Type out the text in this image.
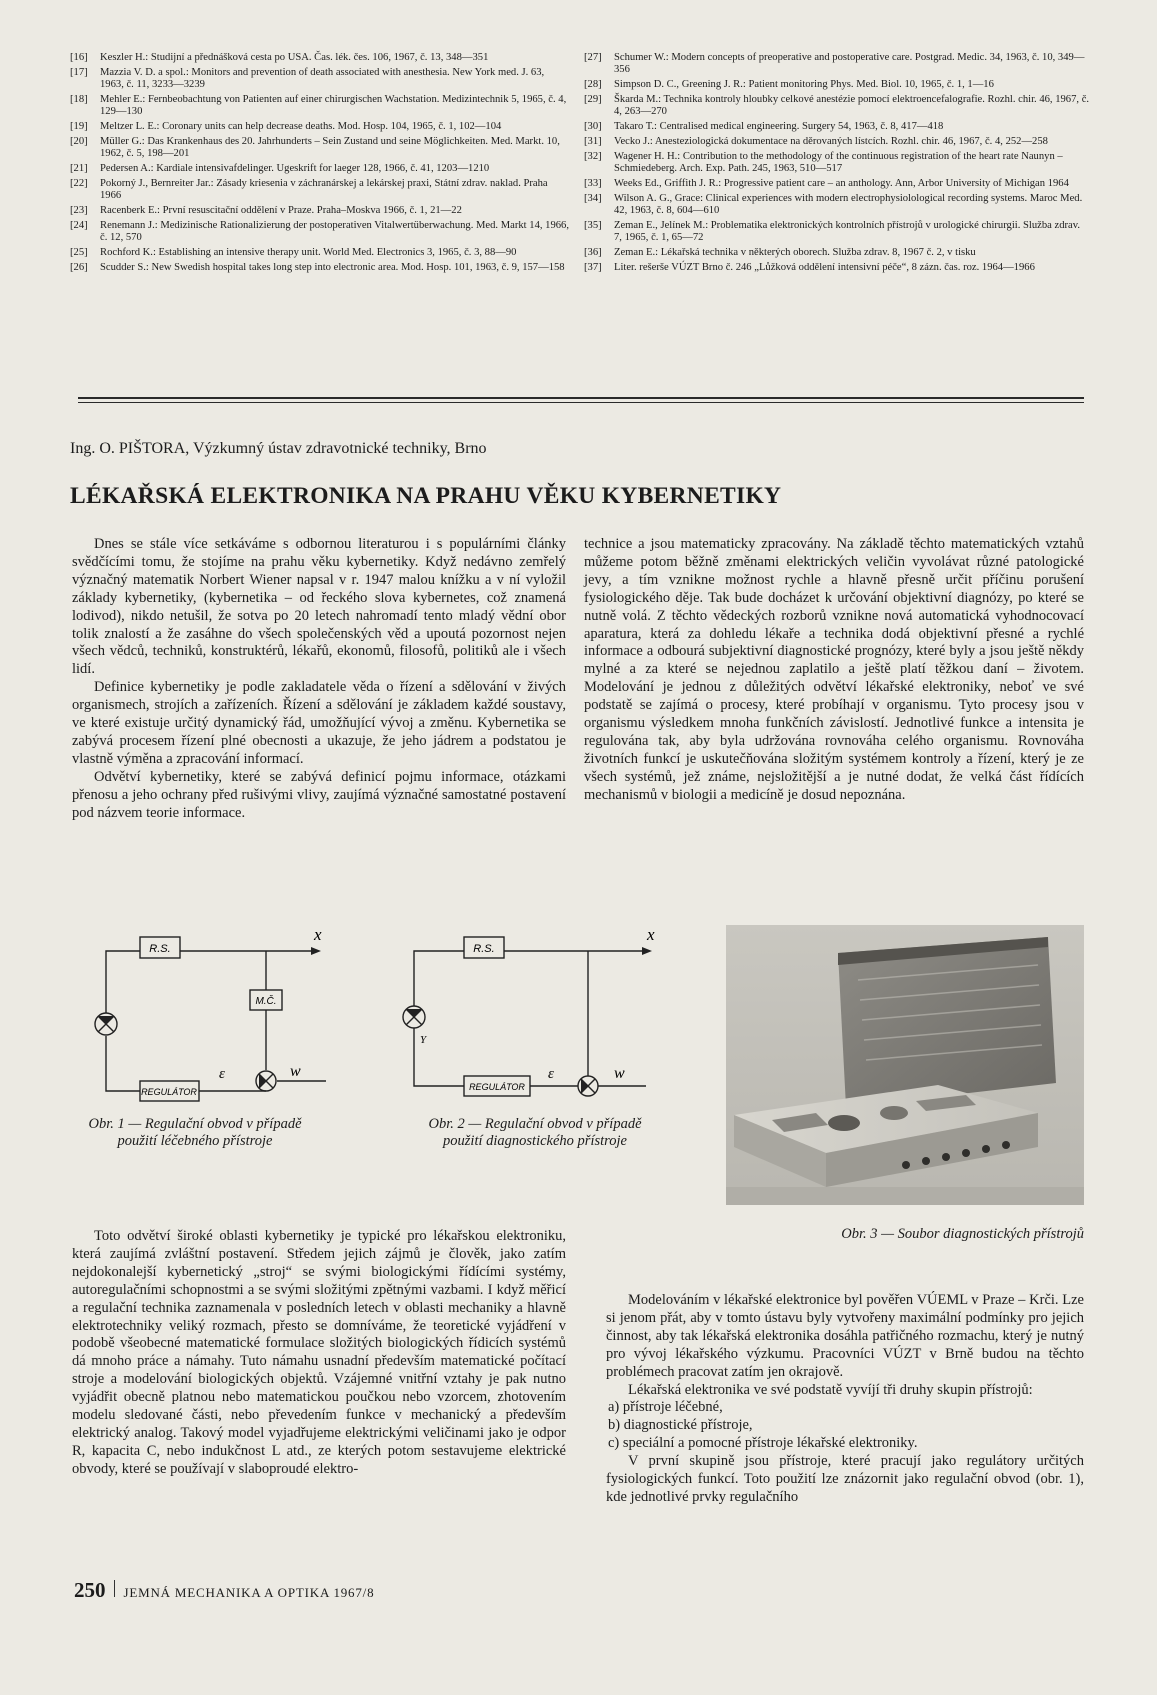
[16] Keszler H.: Studijní a přednášková cesta po USA. Čas. lék. čes. 106, 1967, č. 13, 348—351
[17] Mazzia V. D. a spol.: Monitors and prevention of death associated with anesthesia. New York med. J. 63, 1963, č. 11, 3233—3239
[18] Mehler E.: Fernbeobachtung von Patienten auf einer chirurgischen Wachstation. Medizintechnik 5, 1965, č. 4, 129—130
[19] Meltzer L. E.: Coronary units can help decrease deaths. Mod. Hosp. 104, 1965, č. 1, 102—104
[20] Müller G.: Das Krankenhaus des 20. Jahrhunderts – Sein Zustand und seine Möglichkeiten. Med. Markt. 10, 1962, č. 5, 198—201
[21] Pedersen A.: Kardiale intensivafdelinger. Ugeskrift for laeger 128, 1966, č. 41, 1203—1210
[22] Pokorný J., Bernreiter Jar.: Zásady kriesenia v záchranárskej a lekárskej praxi, Státní zdrav. naklad. Praha 1966
[23] Racenberk E.: První resuscitační oddělení v Praze. Praha–Moskva 1966, č. 1, 21—22
[24] Renemann J.: Medizinische Rationalizierung der postoperativen Vitalwertüberwachung. Med. Markt 14, 1966, č. 12, 570
[25] Rochford K.: Establishing an intensive therapy unit. World Med. Electronics 3, 1965, č. 3, 88—90
[26] Scudder S.: New Swedish hospital takes long step into electronic area. Mod. Hosp. 101, 1963, č. 9, 157—158
[27] Schumer W.: Modern concepts of preoperative and postoperative care. Postgrad. Medic. 34, 1963, č. 10, 349—356
[28] Simpson D. C., Greening J. R.: Patient monitoring Phys. Med. Biol. 10, 1965, č. 1, 1—16
[29] Škarda M.: Technika kontroly hloubky celkové anestézie pomocí elektroencefalografie. Rozhl. chir. 46, 1967, č. 4, 263—270
[30] Takaro T.: Centralised medical engineering. Surgery 54, 1963, č. 8, 417—418
[31] Vecko J.: Anesteziologická dokumentace na děrovaných lístcích. Rozhl. chir. 46, 1967, č. 4, 252—258
[32] Wagener H. H.: Contribution to the methodology of the continuous registration of the heart rate Naunyn – Schmiedeberg. Arch. Exp. Path. 245, 1963, 510—517
[33] Weeks Ed., Griffith J. R.: Progressive patient care – an anthology. Ann, Arbor University of Michigan 1964
[34] Wilson A. G., Grace: Clinical experiences with modern electrophysiolological recording systems. Maroc Med. 42, 1963, č. 8, 604—610
[35] Zeman E., Jelínek M.: Problematika elektronických kontrolních přístrojů v urologické chirurgii. Služba zdrav. 7, 1965, č. 1, 65—72
[36] Zeman E.: Lékařská technika v některých oborech. Služba zdrav. 8, 1967 č. 2, v tisku
[37] Liter. rešerše VÚZT Brno č. 246 „Lůžková oddělení intensivní péče“, 8 zázn. čas. roz. 1964—1966
Ing. O. PIŠTORA, Výzkumný ústav zdravotnické techniky, Brno
LÉKAŘSKÁ ELEKTRONIKA NA PRAHU VĚKU KYBERNETIKY

Dnes se stále více setkáváme s odbornou literaturou i s populárními články svědčícími tomu, že stojíme na prahu věku kybernetiky. Když nedávno zemřelý význačný matematik Norbert Wiener napsal v r. 1947 malou knížku a v ní vyložil základy kybernetiky, (kybernetika – od řeckého slova kybernetes, což znamená lodivod), nikdo netušil, že sotva po 20 letech nahromadí tento mladý vědní obor tolik znalostí a že zasáhne do všech společenských věd a upoutá pozornost nejen všech vědců, techniků, konstruktérů, lékařů, ekonomů, filosofů, politiků ale i všech lidí.

Definice kybernetiky je podle zakladatele věda o řízení a sdělování v živých organismech, strojích a zařízeních. Řízení a sdělování je základem každé soustavy, ve které existuje určitý dynamický řád, umožňující vývoj a změnu. Kybernetika se zabývá procesem řízení plné obecnosti a ukazuje, že jeho jádrem a podstatou je vlastně výměna a zpracování informací.

Odvětví kybernetiky, které se zabývá definicí pojmu informace, otázkami přenosu a jeho ochrany před rušivými vlivy, zaujímá význačné samostatné postavení pod názvem teorie informace.

technice a jsou matematicky zpracovány. Na základě těchto matematických vztahů můžeme potom běžně změnami elektrických veličin vyvolávat různé patologické jevy, a tím vznikne možnost rychle a hlavně přesně určit příčinu porušení fysiologického děje. Tak bude docházet k určování objektivní diagnózy, po které se nutně volá. Z těchto vědeckých rozborů vznikne nová automatická vyhodnocovací aparatura, která za dohledu lékaře a technika dodá objektivní přesné a rychlé informace a odbourá subjektivní diagnostické prognózy, které byly a jsou ještě někdy mylné a za které se nejednou zaplatilo a ještě platí těžkou daní – životem. Modelování je jednou z důležitých odvětví lékařské elektroniky, neboť ve své podstatě se zajímá o procesy, které probíhají v organismu. Tyto procesy jsou v organismu výsledkem mnoha funkčních závislostí. Jednotlivé funkce a intensita je regulována tak, aby byla udržována rovnováha celého organismu. Rovnováha životních funkcí je uskutečňována složitým systémem kontroly a řízení, který je ze všech systémů, jež známe, nejsložitější a je nutné dodat, že velká část řídících mechanismů v biologii a medicíně je dosud nepoznána.

R.S.
M.Č.
REGULÁTOR
x
ε	w
R.S.
REGULÁTOR
x
Y
ε	w
Obr. 1 — Regulační obvod v případě použití léčebného přístroje
Obr. 2 — Regulační obvod v případě použití diagnostického přístroje
Obr. 3 — Soubor diagnostických přístrojů

Toto odvětví široké oblasti kybernetiky je typické pro lékařskou elektroniku, která zaujímá zvláštní postavení. Středem jejich zájmů je člověk, jako zatím nejdokonalejší kybernetický „stroj“ se svými biologickými řídícími systémy, autoregulačními schopnostmi a se svými složitými zpětnými vazbami. I když měřicí a regulační technika zaznamenala v posledních letech v oblasti mechaniky a hlavně elektrotechniky veliký rozmach, přesto se domníváme, že teoretické vyjádření v podobě všeobecné matematické formulace složitých biologických řídicích systémů dá mnoho práce a námahy. Tuto námahu usnadní především matematické počítací stroje a modelování biologických objektů. Vzájemné vnitřní vztahy je pak nutno vyjádřit obecně platnou nebo matematickou poučkou nebo vzorcem, zhotovením modelu sledované části, nebo převedením funkce v mechanický a především elektrický analog. Takový model vyjadřujeme elektrickými veličinami jako je odpor R, kapacita C, nebo indukčnost L atd., ze kterých potom sestavujeme elektrické obvody, které se používají v slaboproudé elektro-

Modelováním v lékařské elektronice byl pověřen VÚEML v Praze – Krči. Lze si jenom přát, aby v tomto ústavu byly vytvořeny maximální podmínky pro jejich činnost, aby tak lékařská elektronika dosáhla patřičného rozmachu, který je nutný pro vývoj lékařského výzkumu. Pracovníci VÚZT v Brně budou na těchto problémech pracovat zatím jen okrajově.

Lékařská elektronika ve své podstatě vyvíjí tři druhy skupin přístrojů:

a) přístroje léčebné,

b) diagnostické přístroje,

c) speciální a pomocné přístroje lékařské elektroniky.

V první skupině jsou přístroje, které pracují jako regulátory určitých fysiologických funkcí. Toto použití lze znázornit jako regulační obvod (obr. 1), kde jednotlivé prvky regulačního

250 JEMNÁ MECHANIKA A OPTIKA 1967/8
